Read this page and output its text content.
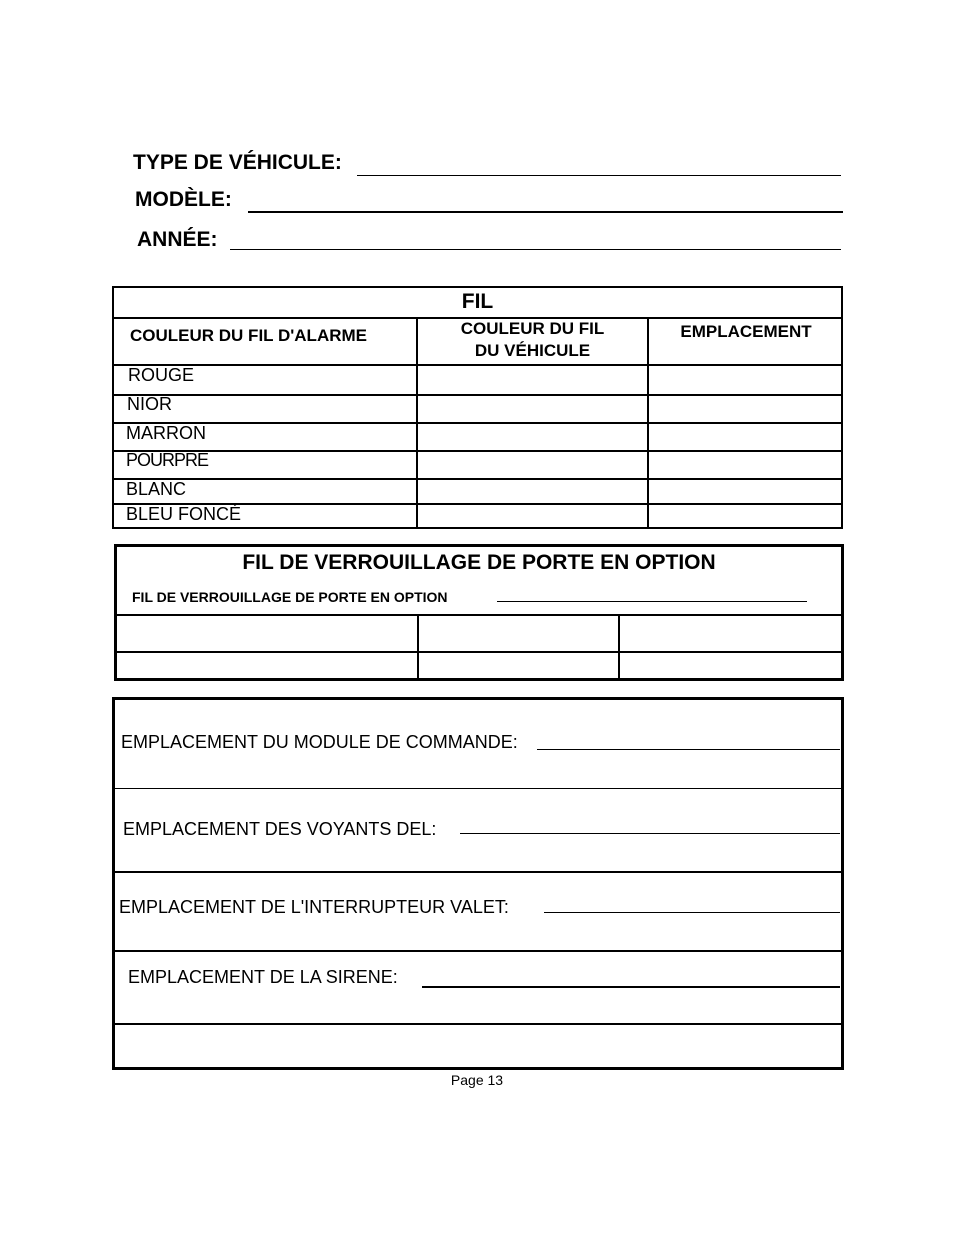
TYPE DE VÉHICULE:
MODÈLE:
ANNÉE:
FIL
COULEUR DU FIL D'ALARME	COULEUR DU FIL
DU VÉHICULE
EMPLACEMENT
ROUGE
NIOR
MARRON
POURPRE
BLANC
BLEU FONCÉ
FIL DE VERROUILLAGE DE PORTE EN OPTION
FIL DE VERROUILLAGE DE PORTE EN OPTION
EMPLACEMENT DU MODULE DE COMMANDE:
EMPLACEMENT DES VOYANTS DEL:
EMPLACEMENT DE L'INTERRUPTEUR VALET:
EMPLACEMENT DE LA SIRENE:
Page 13
